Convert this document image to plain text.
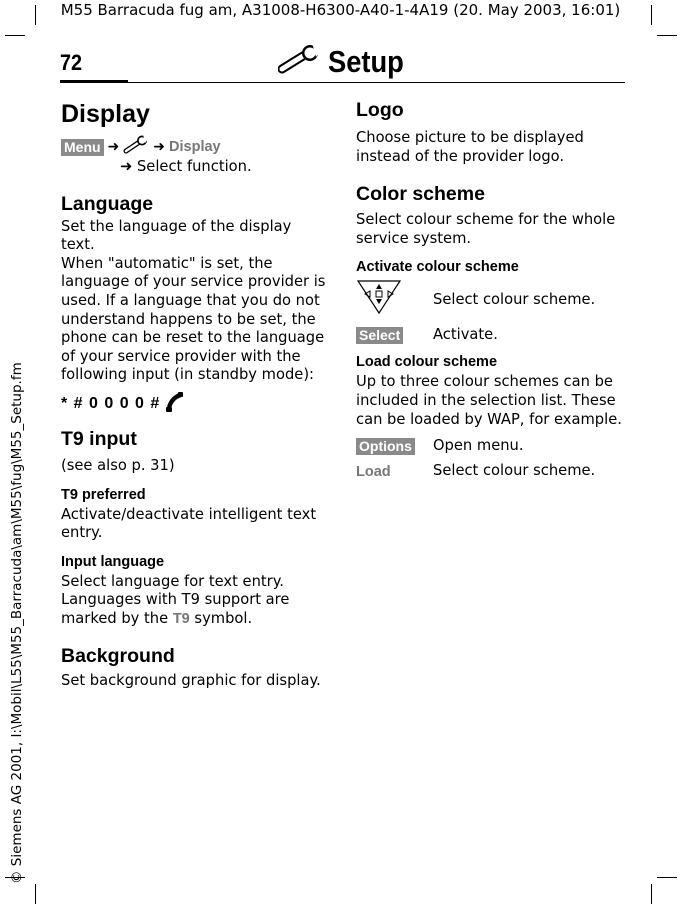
M55 Barracuda fug am, A31008-H6300-A40-1-4A19 (20. May 2003, 16:01)
© Siemens AG 2001, I:\Mobil\L55\M55_Barracuda\am\M55\fug\M55_Setup.fm
72	Setup
Display
Menu ➜ ➜ Display
➜ Select function.
Language
Set the language of the display text.
When "automatic" is set, the
language of your service provider is
used. If a language that you do not
understand happens to be set, the
phone can be reset to the language
of your service provider with the
following input (in standby mode):
* # 0 0 0 0 #
T9 input
(see also p. 31)
T9 preferred
Activate/deactivate intelligent text
entry.
Input language
Select language for text entry.
Languages with T9 support are
marked by the T9 symbol.
Background
Set background graphic for display.
Logo
Choose picture to be displayed
instead of the provider logo.
Color scheme
Select colour scheme for the whole
service system.
Activate colour scheme
Select colour scheme.
Select	Activate.
Load colour scheme
Up to three colour schemes can be
included in the selection list. These
can be loaded by WAP, for example.
Options	Open menu.
Load	Select colour scheme.
